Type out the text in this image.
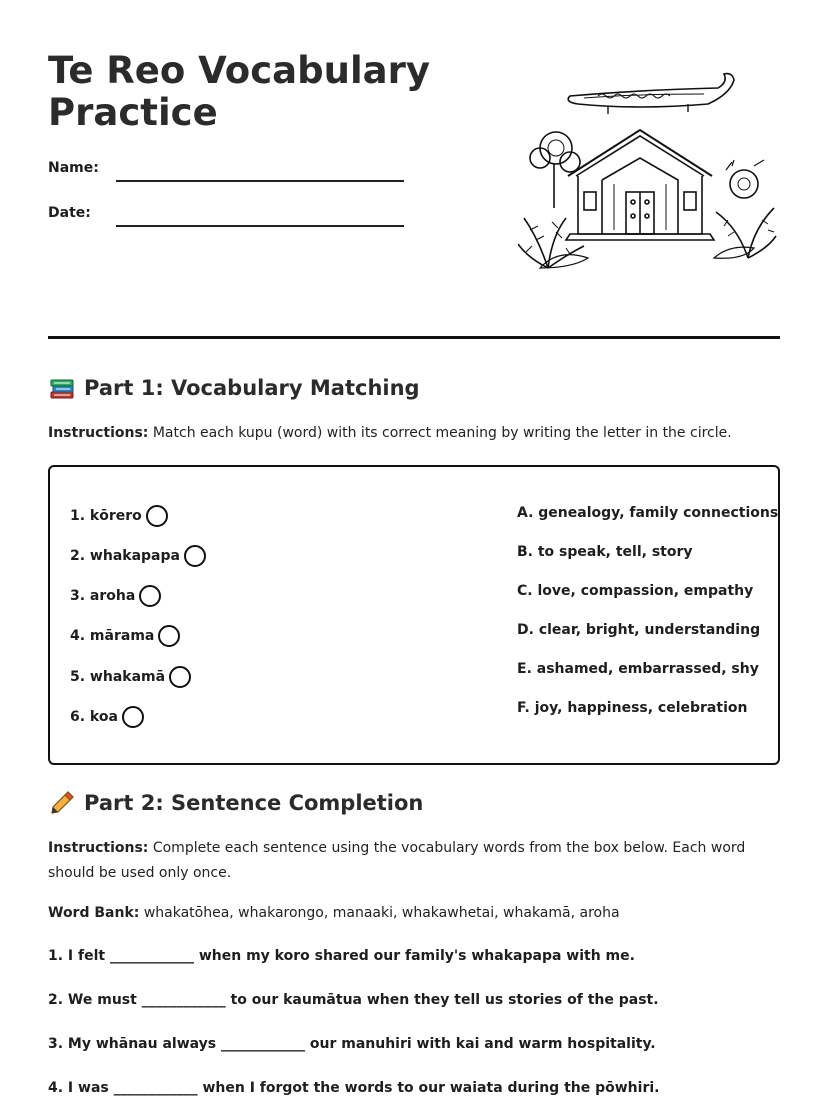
Te Reo Vocabulary Practice
Name:
Date:
Part 1: Vocabulary Matching
Instructions: Match each kupu (word) with its correct meaning by writing the letter in the circle.
1. kōrero
2. whakapapa
3. aroha
4. mārama
5. whakamā
6. koa
A. genealogy, family connections
B. to speak, tell, story
C. love, compassion, empathy
D. clear, bright, understanding
E. ashamed, embarrassed, shy
F. joy, happiness, celebration
Part 2: Sentence Completion
Instructions: Complete each sentence using the vocabulary words from the box below. Each word should be used only once.
Word Bank: whakatōhea, whakarongo, manaaki, whakawhetai, whakamā, aroha
1. I felt ____________ when my koro shared our family's whakapapa with me.
2. We must ____________ to our kaumātua when they tell us stories of the past.
3. My whānau always ____________ our manuhiri with kai and warm hospitality.
4. I was ____________ when I forgot the words to our waiata during the pōwhiri.
